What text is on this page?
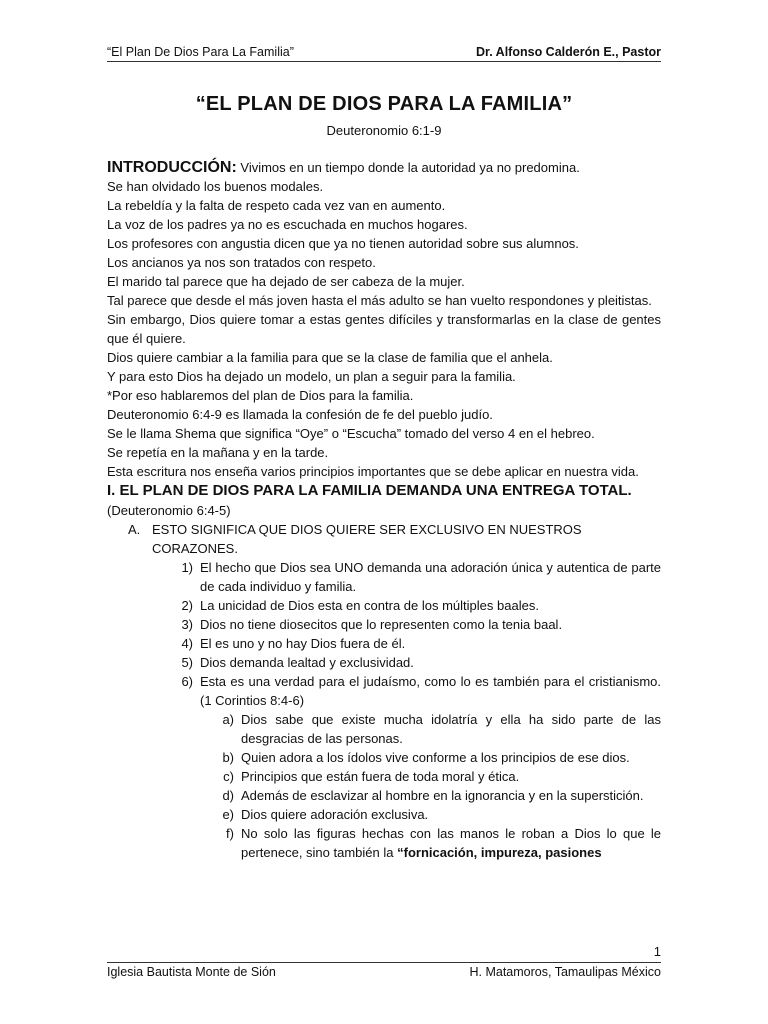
“El Plan De Dios Para La Familia”	Dr. Alfonso Calderón E., Pastor
“EL PLAN DE DIOS PARA LA FAMILIA”
Deuteronomio 6:1-9

INTRODUCCIÓN: Vivimos en un tiempo donde la autoridad ya no predomina.

Se han olvidado los buenos modales.

La rebeldía y la falta de respeto cada vez van en aumento.

La voz de los padres ya no es escuchada en muchos hogares.

Los profesores con angustia dicen que ya no tienen autoridad sobre sus alumnos.

Los ancianos ya nos son tratados con respeto.

El marido tal parece que ha dejado de ser cabeza de la mujer.

Tal parece que desde el más joven hasta el más adulto se han vuelto respondones y pleitistas.

Sin embargo, Dios quiere tomar a estas gentes difíciles y transformarlas en la clase de gentes que él quiere.

Dios quiere cambiar a la familia para que se la clase de familia que el anhela.

Y para esto Dios ha dejado un modelo, un plan a seguir para la familia.

*Por eso hablaremos del plan de Dios para la familia.

Deuteronomio 6:4-9 es llamada la confesión de fe del pueblo judío.

Se le llama Shema que significa “Oye” o “Escucha” tomado del verso 4 en el hebreo.

Se repetía en la mañana y en la tarde.

Esta escritura nos enseña varios principios importantes que se debe aplicar en nuestra vida.

I. EL PLAN DE DIOS PARA LA FAMILIA DEMANDA UNA ENTREGA TOTAL.

(Deuteronomio 6:4-5)

A. ESTO SIGNIFICA QUE DIOS QUIERE SER EXCLUSIVO EN NUESTROS CORAZONES.
1) El hecho que Dios sea UNO demanda una adoración única y autentica de parte de cada individuo y familia.
2) La unicidad de Dios esta en contra de los múltiples baales.
3) Dios no tiene diosecitos que lo representen como la tenia baal.
4) El es uno y no hay Dios fuera de él.
5) Dios demanda lealtad y exclusividad.
6) Esta es una verdad para el judaísmo, como lo es también para el cristianismo. (1 Corintios 8:4-6)
a) Dios sabe que existe mucha idolatría y ella ha sido parte de las desgracias de las personas.
b) Quien adora a los ídolos vive conforme a los principios de ese dios.
c) Principios que están fuera de toda moral y ética.
d) Además de esclavizar al hombre en la ignorancia y en la superstición.
e) Dios quiere adoración exclusiva.
f) No solo las figuras hechas con las manos le roban a Dios lo que le pertenece, sino también la “fornicación, impureza, pasiones
1
Iglesia Bautista Monte de Sión	H. Matamoros, Tamaulipas México
